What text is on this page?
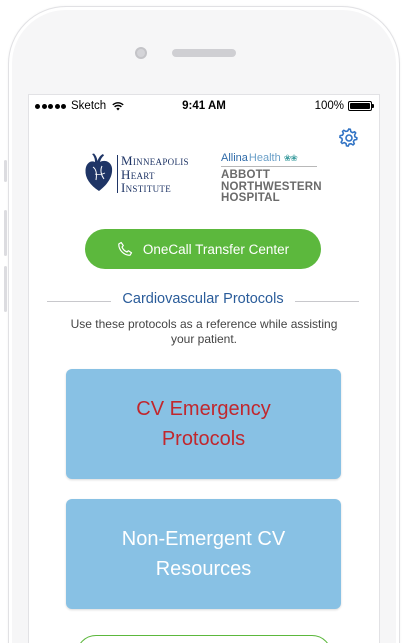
Sketch	9:41 AM	100%
Minneapolis
Heart
Institute
Allina Health ❀❀
ABBOTT
NORTHWESTERN
HOSPITAL
OneCall Transfer Center
Cardiovascular Protocols
Use these protocols as a reference while assisting your patient.
CV Emergency
Protocols
Non-Emergent CV
Resources
